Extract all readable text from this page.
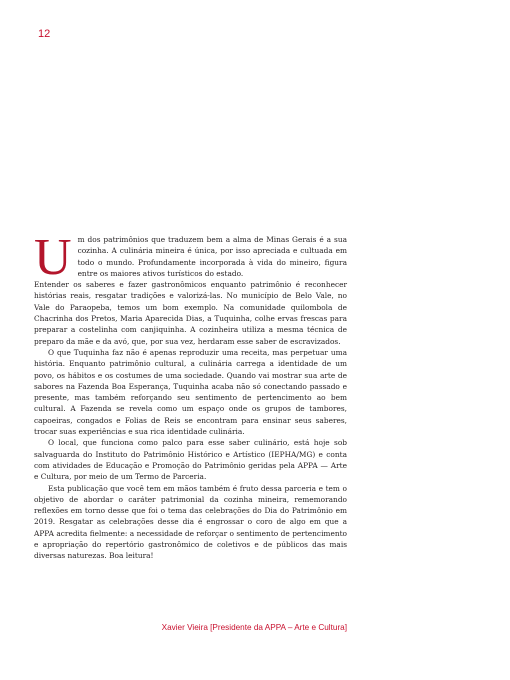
12

Um dos patrimônios que traduzem bem a alma de Minas Gerais é a sua cozinha. A culinária mineira é única, por isso apreciada e cultuada em todo o mundo. Profundamente incorporada à vida do mineiro, figura entre os maiores ativos turísticos do estado.

Entender os saberes e fazer gastronômicos enquanto patrimônio é reconhecer histórias reais, resgatar tradições e valorizá-las. No município de Belo Vale, no Vale do Paraopeba, temos um bom exemplo. Na comunidade quilombola de Chacrinha dos Pretos, Maria Aparecida Dias, a Tuquinha, colhe ervas frescas para preparar a costelinha com canjiquinha. A cozinheira utiliza a mesma técnica de preparo da mãe e da avó, que, por sua vez, herdaram esse saber de escravizados.

O que Tuquinha faz não é apenas reproduzir uma receita, mas perpetuar uma história. Enquanto patrimônio cultural, a culinária carrega a identidade de um povo, os hábitos e os costumes de uma sociedade. Quando vai mostrar sua arte de sabores na Fazenda Boa Esperança, Tuquinha acaba não só conectando passado e presente, mas também reforçando seu sentimento de pertencimento ao bem cultural. A Fazenda se revela como um espaço onde os grupos de tambores, capoeiras, congados e Folias de Reis se encontram para ensinar seus saberes, trocar suas experiências e sua rica identidade culinária.

O local, que funciona como palco para esse saber culinário, está hoje sob salvaguarda do Instituto do Patrimônio Histórico e Artístico (IEPHA/MG) e conta com atividades de Educação e Promoção do Patrimônio geridas pela APPA — Arte e Cultura, por meio de um Termo de Parceria.

Esta publicação que você tem em mãos também é fruto dessa parceria e tem o objetivo de abordar o caráter patrimonial da cozinha mineira, rememorando reflexões em torno desse que foi o tema das celebrações do Dia do Patrimônio em 2019. Resgatar as celebrações desse dia é engrossar o coro de algo em que a APPA acredita fielmente: a necessidade de reforçar o sentimento de pertencimento e apropriação do repertório gastronômico de coletivos e de públicos das mais diversas naturezas. Boa leitura!

Xavier Vieira [Presidente da APPA – Arte e Cultura]
